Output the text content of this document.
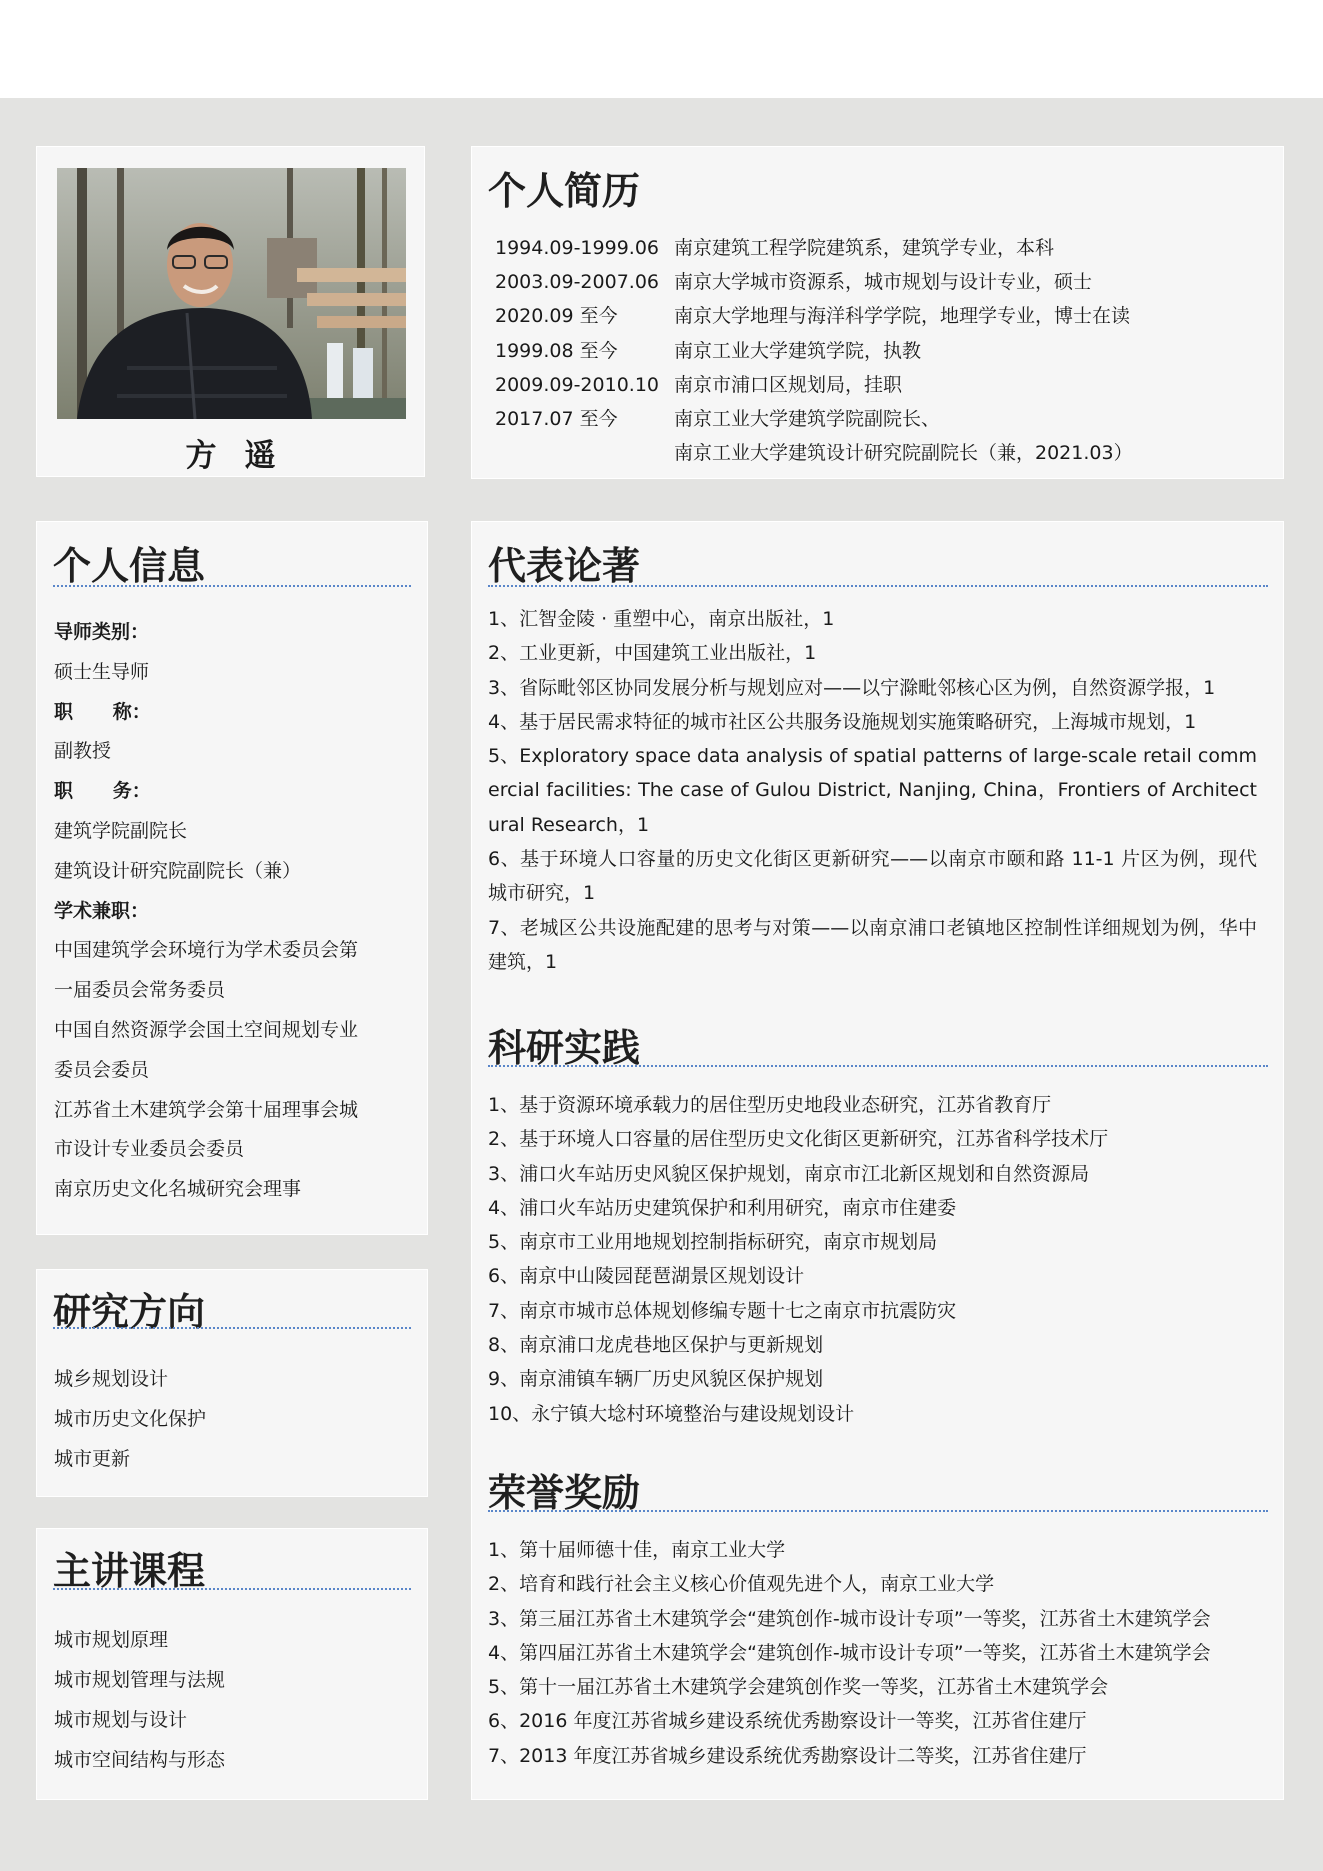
方遥
个人简历
1994.09-1999.06 南京建筑工程学院建筑系，建筑学专业，本科
2003.09-2007.06 南京大学城市资源系，城市规划与设计专业，硕士
2020.09 至今	南京大学地理与海洋科学学院，地理学专业，博士在读
1999.08 至今	南京工业大学建筑学院，执教
2009.09-2010.10 南京市浦口区规划局，挂职
2017.07 至今	南京工业大学建筑学院副院长、
南京工业大学建筑设计研究院副院长（兼，2021.03）
个人信息
导师类别：
硕士生导师
职      称：
副教授
职      务：
建筑学院副院长
建筑设计研究院副院长（兼）
学术兼职：
中国建筑学会环境行为学术委员会第
一届委员会常务委员
中国自然资源学会国土空间规划专业
委员会委员
江苏省土木建筑学会第十届理事会城
市设计专业委员会委员
南京历史文化名城研究会理事
研究方向
城乡规划设计
城市历史文化保护
城市更新
主讲课程
城市规划原理
城市规划管理与法规
城市规划与设计
城市空间结构与形态
代表论著
1、汇智金陵 · 重塑中心，南京出版社，1
2、工业更新，中国建筑工业出版社，1
3、省际毗邻区协同发展分析与规划应对——以宁滁毗邻核心区为例，自然资源学报，1
4、基于居民需求特征的城市社区公共服务设施规划实施策略研究，上海城市规划，1
5、Exploratory space data analysis of spatial patterns of large-scale retail commercial facilities: The case of Gulou District, Nanjing, China，Frontiers of Architectural Research，1
6、基于环境人口容量的历史文化街区更新研究——以南京市颐和路 11-1 片区为例，现代城市研究，1
7、老城区公共设施配建的思考与对策——以南京浦口老镇地区控制性详细规划为例，华中建筑，1
科研实践
1、基于资源环境承载力的居住型历史地段业态研究，江苏省教育厅
2、基于环境人口容量的居住型历史文化街区更新研究，江苏省科学技术厅
3、浦口火车站历史风貌区保护规划，南京市江北新区规划和自然资源局
4、浦口火车站历史建筑保护和利用研究，南京市住建委
5、南京市工业用地规划控制指标研究，南京市规划局
6、南京中山陵园琵琶湖景区规划设计
7、南京市城市总体规划修编专题十七之南京市抗震防灾
8、南京浦口龙虎巷地区保护与更新规划
9、南京浦镇车辆厂历史风貌区保护规划
10、永宁镇大埝村环境整治与建设规划设计
荣誉奖励
1、第十届师德十佳，南京工业大学
2、培育和践行社会主义核心价值观先进个人，南京工业大学
3、第三届江苏省土木建筑学会“建筑创作-城市设计专项”一等奖，江苏省土木建筑学会
4、第四届江苏省土木建筑学会“建筑创作-城市设计专项”一等奖，江苏省土木建筑学会
5、第十一届江苏省土木建筑学会建筑创作奖一等奖，江苏省土木建筑学会
6、2016 年度江苏省城乡建设系统优秀勘察设计一等奖，江苏省住建厅
7、2013 年度江苏省城乡建设系统优秀勘察设计二等奖，江苏省住建厅
